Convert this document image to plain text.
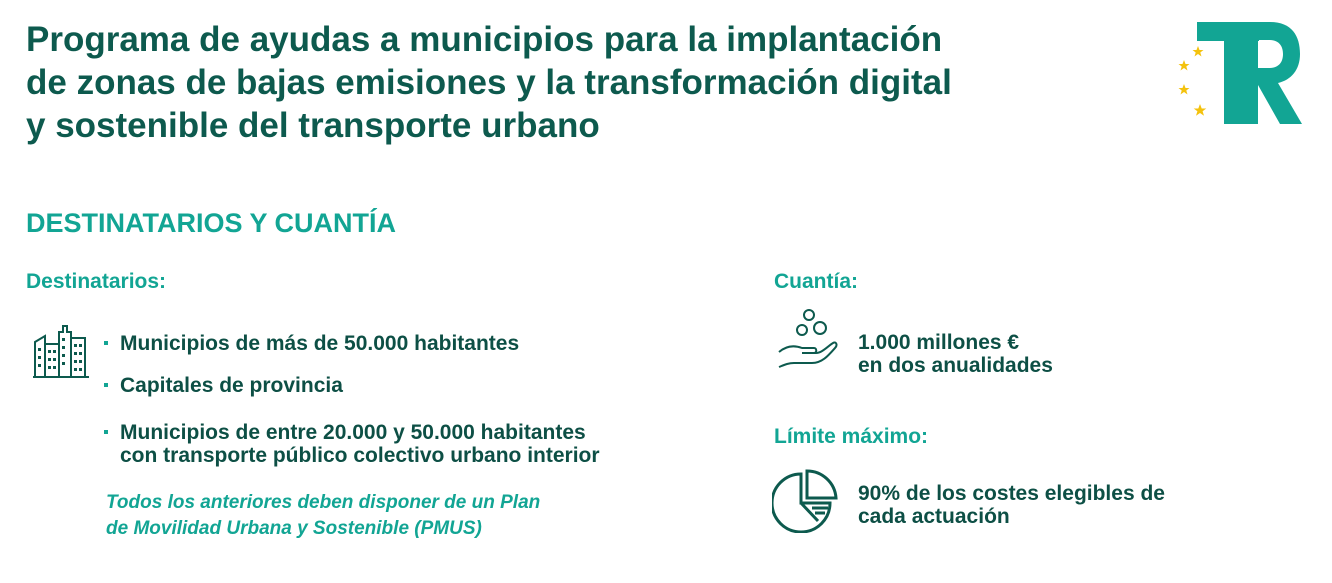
Programa de ayudas a municipios para la implantación
de zonas de bajas emisiones y la transformación digital
y sostenible del transporte urbano
DESTINATARIOS Y CUANTÍA
Destinatarios:
Municipios de más de 50.000 habitantes
Capitales de provincia
Municipios de entre 20.000 y 50.000 habitantes
con transporte público colectivo urbano interior
Todos los anteriores deben disponer de un Plan
de Movilidad Urbana y Sostenible (PMUS)
Cuantía:
1.000 millones €
en dos anualidades
Límite máximo:
90% de los costes elegibles de
cada actuación
